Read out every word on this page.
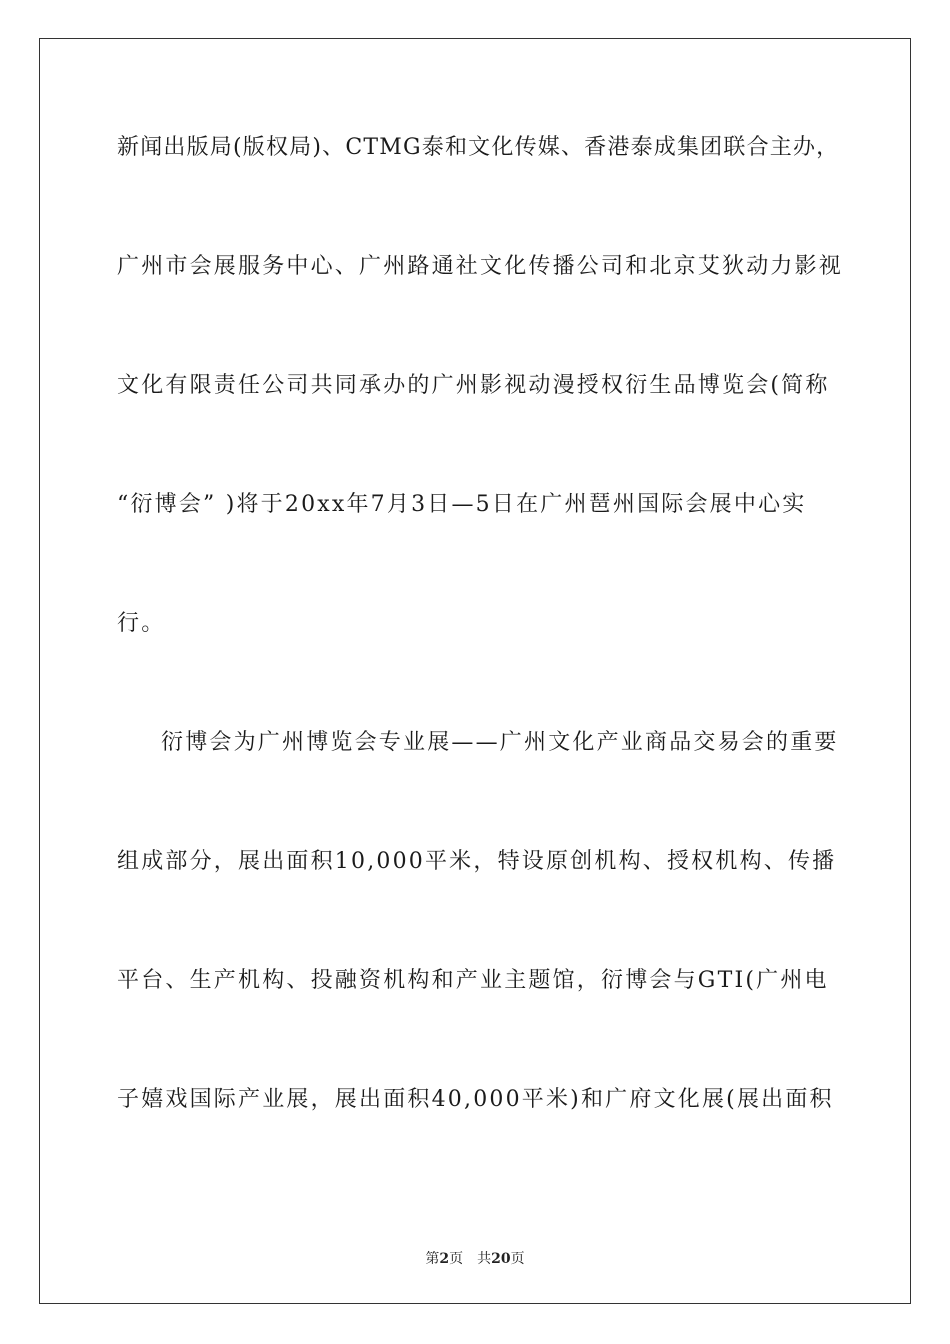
新闻出版局(版权局)、CTMG泰和文化传媒、香港泰成集团联合主办，
广州市会展服务中心、广州路通社文化传播公司和北京艾狄动力影视
文化有限责任公司共同承办的广州影视动漫授权衍生品博览会(简称
“衍博会” )将于20xx年7月3日—5日在广州琶州国际会展中心实
行。
衍博会为广州博览会专业展——广州文化产业商品交易会的重要
组成部分，展出面积10,000平米，特设原创机构、授权机构、传播
平台、生产机构、投融资机构和产业主题馆，衍博会与GTI(广州电
子嬉戏国际产业展，展出面积40,000平米)和广府文化展(展出面积
第2页 共20页
